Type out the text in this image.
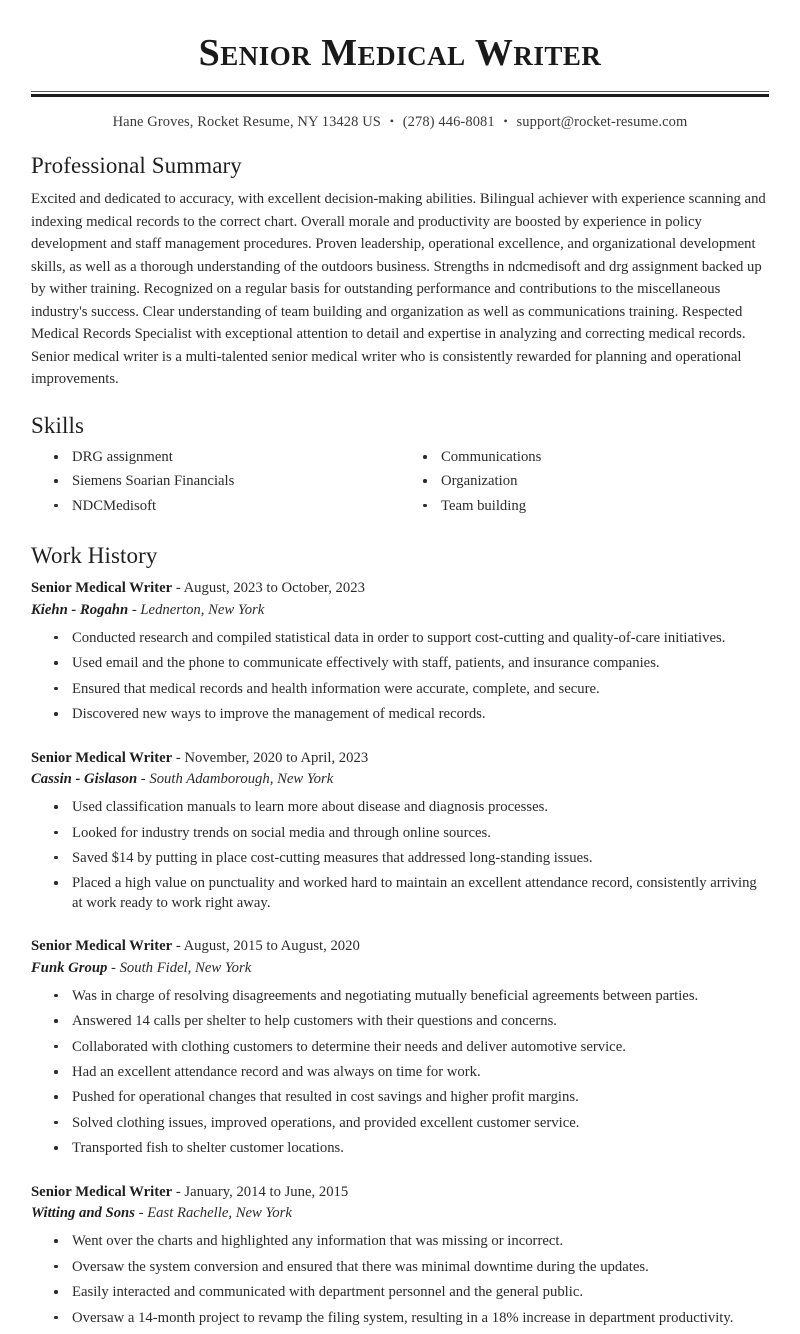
Senior Medical Writer
Hane Groves, Rocket Resume, NY 13428 US • (278) 446-8081 • support@rocket-resume.com
Professional Summary

Excited and dedicated to accuracy, with excellent decision-making abilities. Bilingual achiever with experience scanning and indexing medical records to the correct chart. Overall morale and productivity are boosted by experience in policy development and staff management procedures. Proven leadership, operational excellence, and organizational development skills, as well as a thorough understanding of the outdoors business. Strengths in ndcmedisoft and drg assignment backed up by wither training. Recognized on a regular basis for outstanding performance and contributions to the miscellaneous industry's success. Clear understanding of team building and organization as well as communications training. Respected Medical Records Specialist with exceptional attention to detail and expertise in analyzing and correcting medical records. Senior medical writer is a multi-talented senior medical writer who is consistently rewarded for planning and operational improvements.

Skills
DRG assignment
Siemens Soarian Financials
NDCMedisoft
Communications
Organization
Team building
Work History
Senior Medical Writer - August, 2023 to October, 2023
Kiehn - Rogahn - Lednerton, New York
Conducted research and compiled statistical data in order to support cost-cutting and quality-of-care initiatives.
Used email and the phone to communicate effectively with staff, patients, and insurance companies.
Ensured that medical records and health information were accurate, complete, and secure.
Discovered new ways to improve the management of medical records.
Senior Medical Writer - November, 2020 to April, 2023
Cassin - Gislason - South Adamborough, New York
Used classification manuals to learn more about disease and diagnosis processes.
Looked for industry trends on social media and through online sources.
Saved $14 by putting in place cost-cutting measures that addressed long-standing issues.
Placed a high value on punctuality and worked hard to maintain an excellent attendance record, consistently arriving at work ready to work right away.
Senior Medical Writer - August, 2015 to August, 2020
Funk Group - South Fidel, New York
Was in charge of resolving disagreements and negotiating mutually beneficial agreements between parties.
Answered 14 calls per shelter to help customers with their questions and concerns.
Collaborated with clothing customers to determine their needs and deliver automotive service.
Had an excellent attendance record and was always on time for work.
Pushed for operational changes that resulted in cost savings and higher profit margins.
Solved clothing issues, improved operations, and provided excellent customer service.
Transported fish to shelter customer locations.
Senior Medical Writer - January, 2014 to June, 2015
Witting and Sons - East Rachelle, New York
Went over the charts and highlighted any information that was missing or incorrect.
Oversaw the system conversion and ensured that there was minimal downtime during the updates.
Easily interacted and communicated with department personnel and the general public.
Oversaw a 14-month project to revamp the filing system, resulting in a 18% increase in department productivity.
